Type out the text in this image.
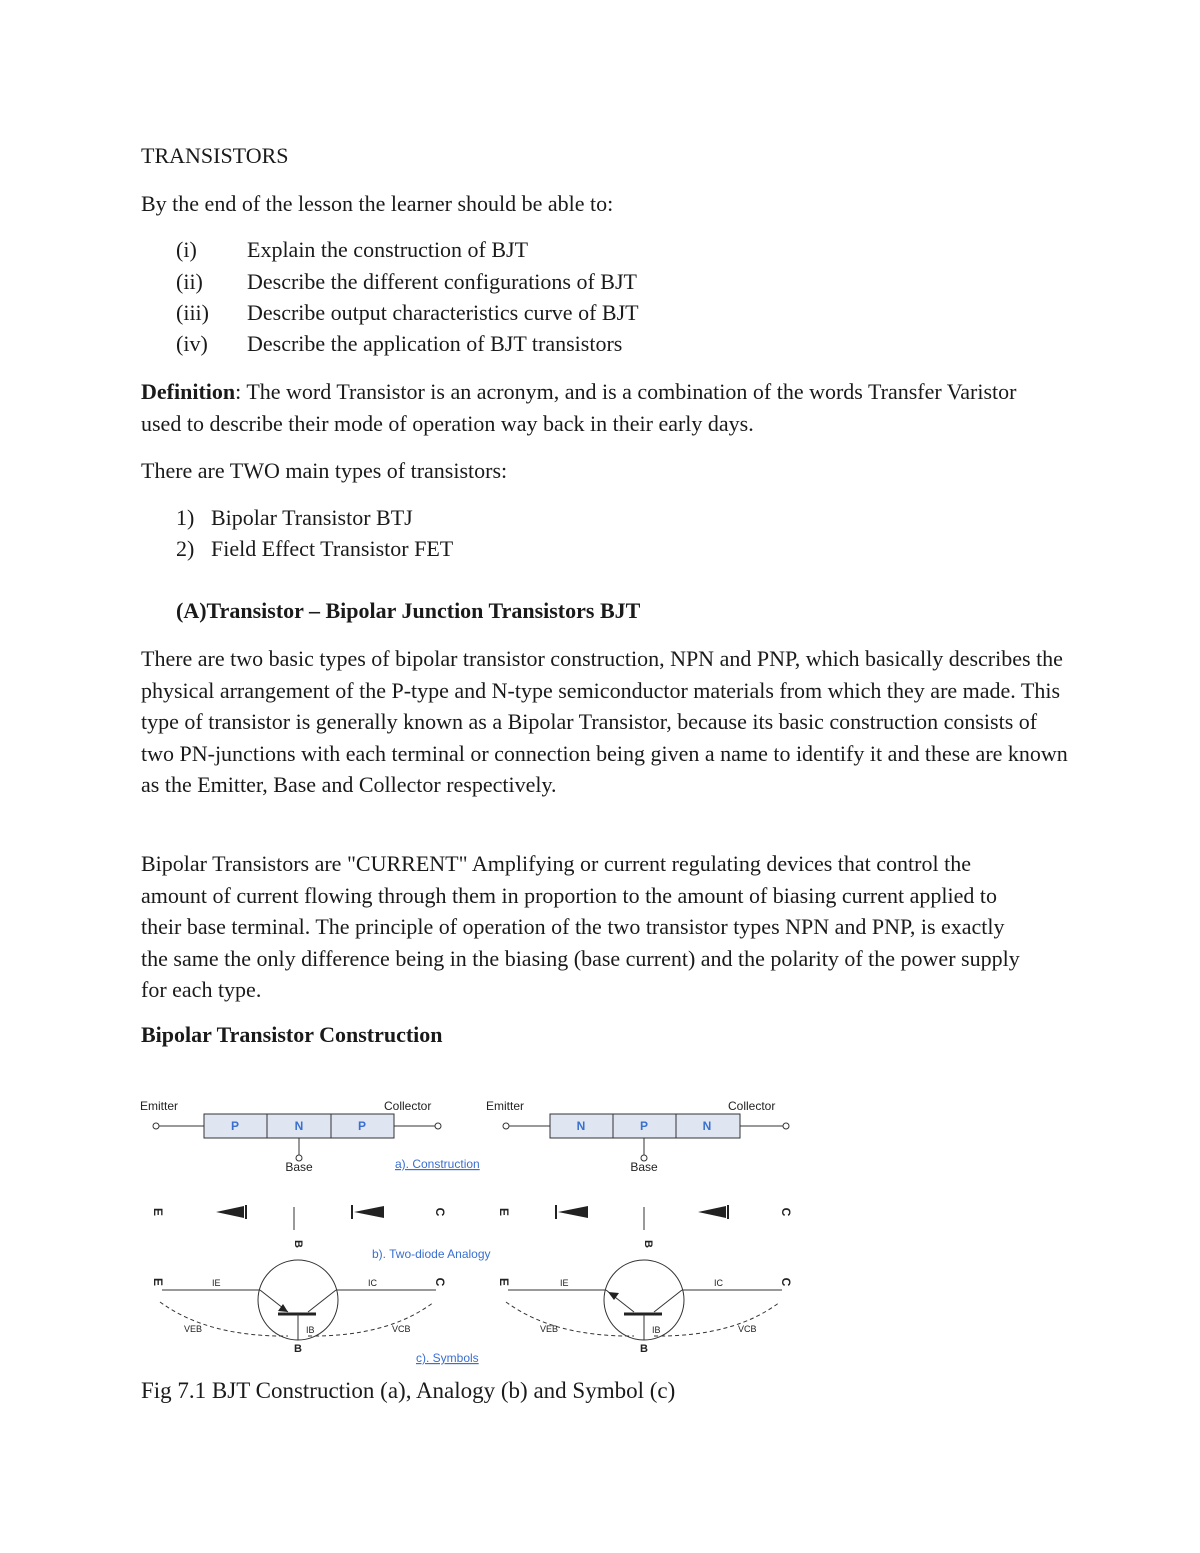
TRANSISTORS
By the end of the lesson the learner should be able to:
(i) Explain the construction of BJT
(ii) Describe the different configurations of BJT
(iii) Describe output characteristics curve of BJT
(iv) Describe the application of BJT transistors
Definition: The word Transistor is an acronym, and is a combination of the words Transfer Varistor used to describe their mode of operation way back in their early days.
There are TWO main types of transistors:
1) Bipolar Transistor BTJ
2) Field Effect Transistor FET
(A)Transistor – Bipolar Junction Transistors BJT
There are two basic types of bipolar transistor construction, NPN and PNP, which basically describes the physical arrangement of the P-type and N-type semiconductor materials from which they are made. This type of transistor is generally known as a Bipolar Transistor, because its basic construction consists of two PN-junctions with each terminal or connection being given a name to identify it and these are known as the Emitter, Base and Collector respectively.
Bipolar Transistors are "CURRENT" Amplifying or current regulating devices that control the amount of current flowing through them in proportion to the amount of biasing current applied to their base terminal. The principle of operation of the two transistor types NPN and PNP, is exactly the same the only difference being in the biasing (base current) and the polarity of the power supply for each type.
Bipolar Transistor Construction
Emitter	Collector
P	N	P
Base	a). Construction
Emitter	Collector
N	P	N
Base
E
B
C	E
B
C
b). Two-diode Analogy
E	IE	IC	C
IB
B
VEB	VCB
E	IE	IC	C
IB
B
VEB	VCB
c). Symbols
Fig 7.1 BJT Construction (a), Analogy (b) and Symbol (c)
